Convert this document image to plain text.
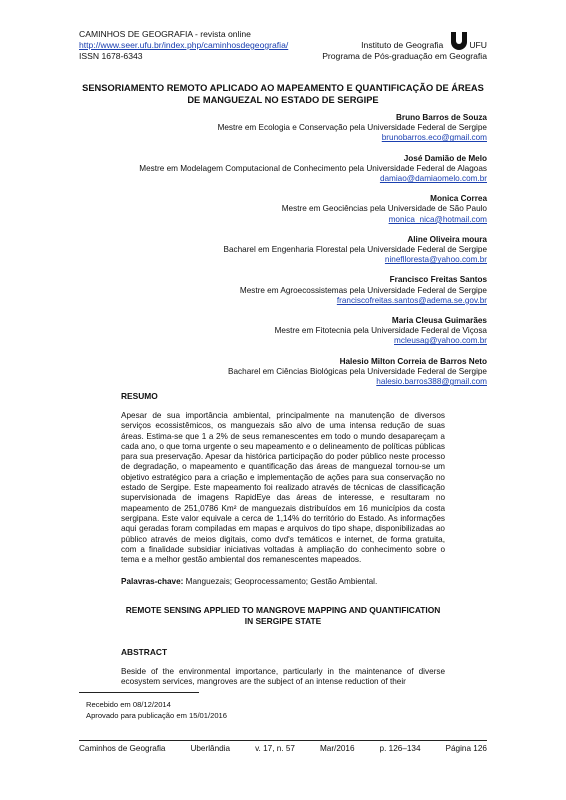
CAMINHOS DE GEOGRAFIA - revista online
http://www.seer.ufu.br/index.php/caminhosdegeografia/
ISSN 1678-6343
Instituto de Geografia	UFU
Programa de Pós-graduação em Geografia
SENSORIAMENTO REMOTO APLICADO AO MAPEAMENTO E QUANTIFICAÇÃO DE ÁREAS DE MANGUEZAL NO ESTADO DE SERGIPE
Bruno Barros de Souza
Mestre em Ecologia e Conservação pela Universidade Federal de Sergipe
brunobarros.eco@gmail.com
José Damião de Melo
Mestre em Modelagem Computacional de Conhecimento pela Universidade Federal de Alagoas
damiao@damiaomelo.com.br
Monica Correa
Mestre em Geociências pela Universidade de São Paulo
monica_nica@hotmail.com
Aline Oliveira moura
Bacharel em Engenharia Florestal pela Universidade Federal de Sergipe
nineflloresta@yahoo.com.br
Francisco Freitas Santos
Mestre em Agroecossistemas pela Universidade Federal de Sergipe
franciscofreitas.santos@adema.se.gov.br
Maria Cleusa Guimarães
Mestre em Fitotecnia pela Universidade Federal de Viçosa
mcleusag@yahoo.com.br
Halesio Milton Correia de Barros Neto
Bacharel em Ciências Biológicas pela Universidade Federal de Sergipe
halesio.barros388@gmail.com
RESUMO
Apesar de sua importância ambiental, principalmente na manutenção de diversos serviços ecossistêmicos, os manguezais são alvo de uma intensa redução de suas áreas. Estima-se que 1 a 2% de seus remanescentes em todo o mundo desapareçam a cada ano, o que torna urgente o seu mapeamento e o delineamento de políticas públicas para sua preservação. Apesar da histórica participação do poder público neste processo de degradação, o mapeamento e quantificação das áreas de manguezal tornou-se um objetivo estratégico para a criação e implementação de ações para sua conservação no estado de Sergipe. Este mapeamento foi realizado através de técnicas de classificação supervisionada de imagens RapidEye das áreas de interesse, e resultaram no mapeamento de 251,0786 Km² de manguezais distribuídos em 16 municípios da costa sergipana. Este valor equivale a cerca de 1,14% do território do Estado. As informações aqui geradas foram compiladas em mapas e arquivos do tipo shape, disponibilizadas ao público através de meios digitais, como dvd's temáticos e internet, de forma gratuita, com a finalidade subsidiar iniciativas voltadas à ampliação do conhecimento sobre o tema e a melhor gestão ambiental dos remanescentes mapeados.
Palavras-chave: Manguezais; Geoprocessamento; Gestão Ambiental.
REMOTE SENSING APPLIED TO MANGROVE MAPPING AND QUANTIFICATION IN SERGIPE STATE
ABSTRACT
Beside of the environmental importance, particularly in the maintenance of diverse ecosystem services, mangroves are the subject of an intense reduction of their
Recebido em 08/12/2014
Aprovado para publicação em 15/01/2016
Caminhos de Geografia	Uberlândia	v. 17, n. 57	Mar/2016	p. 126–134	Página 126
